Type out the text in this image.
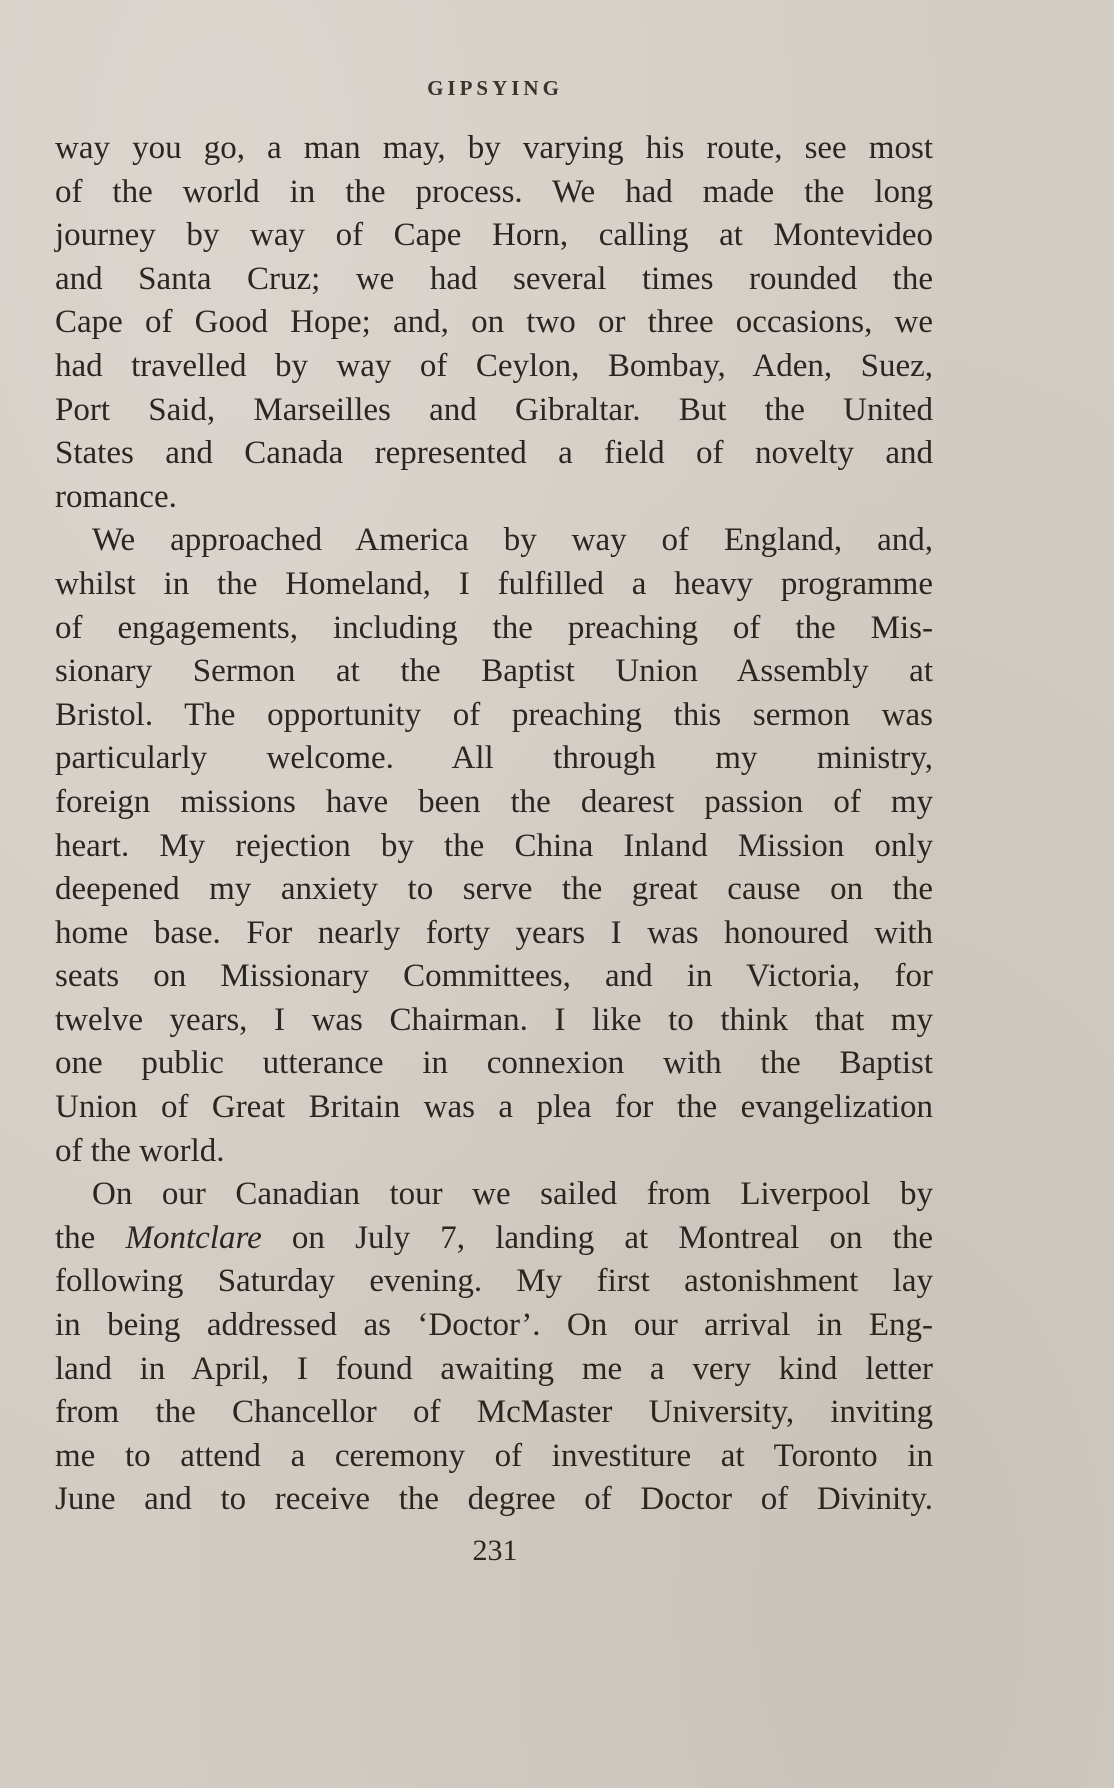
GIPSYING
way you go, a man may, by varying his route, see most
of the world in the process. We had made the long
journey by way of Cape Horn, calling at Montevideo
and Santa Cruz; we had several times rounded the
Cape of Good Hope; and, on two or three occasions, we
had travelled by way of Ceylon, Bombay, Aden, Suez,
Port Said, Marseilles and Gibraltar. But the United
States and Canada represented a field of novelty and
romance.
We approached America by way of England, and,
whilst in the Homeland, I fulfilled a heavy programme
of engagements, including the preaching of the Mis-
sionary Sermon at the Baptist Union Assembly at
Bristol. The opportunity of preaching this sermon was
particularly welcome. All through my ministry,
foreign missions have been the dearest passion of my
heart. My rejection by the China Inland Mission only
deepened my anxiety to serve the great cause on the
home base. For nearly forty years I was honoured with
seats on Missionary Committees, and in Victoria, for
twelve years, I was Chairman. I like to think that my
one public utterance in connexion with the Baptist
Union of Great Britain was a plea for the evangelization
of the world.
On our Canadian tour we sailed from Liverpool by
the Montclare on July 7, landing at Montreal on the
following Saturday evening. My first astonishment lay
in being addressed as ‘Doctor’. On our arrival in Eng-
land in April, I found awaiting me a very kind letter
from the Chancellor of McMaster University, inviting
me to attend a ceremony of investiture at Toronto in
June and to receive the degree of Doctor of Divinity.
231
